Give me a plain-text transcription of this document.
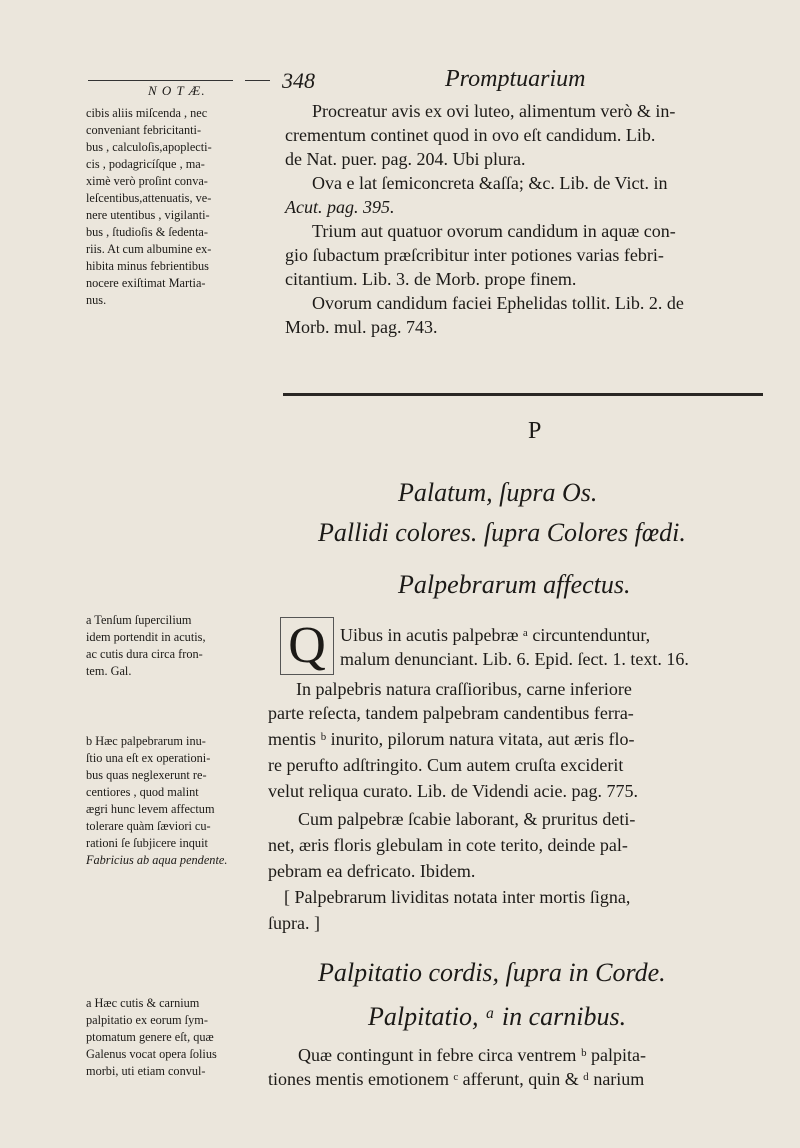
N O T Æ.	348	Promptuarium
cibis aliis miſcenda , nec
conveniant febricitanti-
bus , calculoſis,apoplecti-
cis , podagricíſque , ma-
ximè verò proſint conva-
leſcentibus,attenuatis, ve-
nere utentibus , vigilanti-
bus , ſtudioſis & ſedenta-
riis. At cum albumine ex-
hibita minus febrientibus
nocere exiſtimat Martia-
nus.
Procreatur avis ex ovi luteo, alimentum verò & in-
crementum continet quod in ovo eſt candidum. Lib.
de Nat. puer. pag. 204. Ubi plura.
Ova e lat ſemiconcreta &aſſa; &c. Lib. de Vict. in
Acut. pag. 395.
Trium aut quatuor ovorum candidum in aquæ con-
gio ſubactum præſcribitur inter potiones varias febri-
citantium. Lib. 3. de Morb. prope finem.
Ovorum candidum faciei Ephelidas tollit. Lib. 2. de
Morb. mul. pag. 743.
P
Palatum, ſupra Os.
Pallidi colores. ſupra Colores fœdi.
Palpebrarum affectus.
a Tenſum ſupercilium
idem portendit in acutis,
ac cutis dura circa fron-
tem. Gal.
b Hæc palpebrarum inu-
ſtio una eſt ex operationi-
bus quas neglexerunt re-
centiores , quod malint
ægri hunc levem affectum
tolerare quàm ſæviori cu-
rationi ſe ſubjicere inquit
Fabricius ab aqua pendente.
Q Uibus in acutis palpebræ ᵃ circuntenduntur,
malum denunciant. Lib. 6. Epid. ſect. 1. text. 16.
In palpebris natura craſſioribus, carne inferiore
parte reſecta, tandem palpebram candentibus ferra-
mentis ᵇ inurito, pilorum natura vitata, aut æris flo-
re perufto adſtringito. Cum autem cruſta exciderit
velut reliqua curato. Lib. de Videndi acie. pag. 775.
Cum palpebræ ſcabie laborant, & pruritus deti-
net, æris floris glebulam in cote terito, deinde pal-
pebram ea defricato. Ibidem.
[ Palpebrarum lividitas notata inter mortis ſigna,
ſupra. ]
Palpitatio cordis, ſupra in Corde.
Palpitatio, ᵃ in carnibus.
a Hæc cutis & carnium
palpitatio ex eorum ſym-
ptomatum genere eſt, quæ
Galenus vocat opera ſolius
morbi, uti etiam convul-
Quæ contingunt in febre circa ventrem ᵇ palpita-
tiones mentis emotionem ᶜ afferunt, quin & ᵈ narium
